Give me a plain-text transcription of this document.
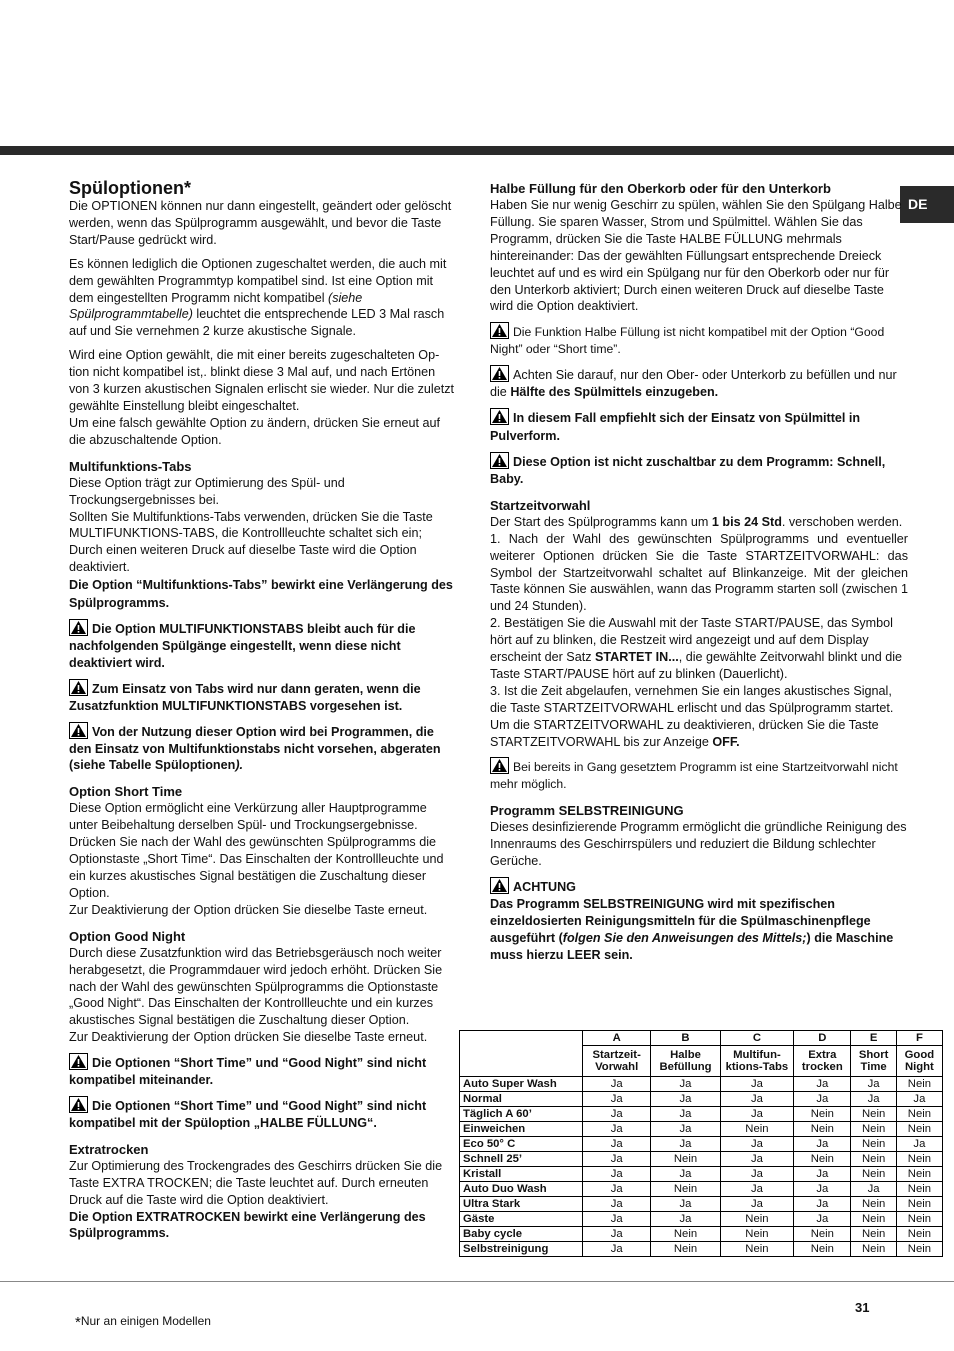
DE
Spüloptionen*

Die OPTIONEN können nur dann eingestellt, geändert oder gelöscht werden, wenn das Spülprogramm ausgewählt, und bevor die Taste Start/Pause gedrückt wird.

Es können lediglich die Optionen zugeschaltet werden, die auch mit dem gewählten Programmtyp kompatibel sind. Ist eine Option mit dem eingestellten Programm nicht kompatibel (siehe Spülprogrammtabelle) leuchtet die entsprechende LED 3 Mal rasch auf und Sie vernehmen 2 kurze akustische Signale.

Wird eine Option gewählt, die mit einer bereits zugeschalteten Op-tion nicht kompatibel ist,. blinkt diese 3 Mal auf, und nach Ertönen von 3 kurzen akustischen Signalen erlischt sie wieder. Nur die zuletzt gewählte Einstellung bleibt eingeschaltet.
Um eine falsch gewählte Option zu ändern, drücken Sie erneut auf die abzuschaltende Option.

Multifunktions-Tabs

Diese Option trägt zur Optimierung des Spül- und Trockungsergebnisses bei.
Sollten Sie Multifunktions-Tabs verwenden, drücken Sie die Taste MULTIFUNKTIONS-TABS, die Kontrollleuchte schaltet sich ein; Durch einen weiteren Druck auf dieselbe Taste wird die Option deaktiviert.

Die Option “Multifunktions-Tabs” bewirkt eine Verlängerung des Spülprogramms.

Die Option MULTIFUNKTIONSTABS bleibt auch für die nachfolgenden Spülgänge eingestellt, wenn diese nicht deaktiviert wird.

Zum Einsatz von Tabs wird nur dann geraten, wenn die Zusatzfunktion MULTIFUNKTIONSTABS vorgesehen ist.

Von der Nutzung dieser Option wird bei Programmen, die den Einsatz von Multifunktionstabs nicht vorsehen, abgeraten (siehe Tabelle Spüloptionen).

Option Short Time

Diese Option ermöglicht eine Verkürzung aller Hauptprogramme unter Beibehaltung derselben Spül- und Trockungsergebnisse. Drücken Sie nach der Wahl des gewünschten Spülprogramms die Optionstaste „Short Time“. Das Einschalten der Kontrollleuchte und ein kurzes akustisches Signal bestätigen die Zuschaltung dieser Option.
Zur Deaktivierung der Option drücken Sie dieselbe Taste erneut.

Option Good Night

Durch diese Zusatzfunktion wird das Betriebsgeräusch noch weiter herabgesetzt, die Programmdauer wird jedoch erhöht. Drücken Sie nach der Wahl des gewünschten Spülprogramms die Optionstaste „Good Night“. Das Einschalten der Kontrollleuchte und ein kurzes akustisches Signal bestätigen die Zuschaltung dieser Option.
Zur Deaktivierung der Option drücken Sie dieselbe Taste erneut.

Die Optionen “Short Time” und “Good Night” sind nicht kompatibel miteinander.

Die Optionen “Short Time” und “Good Night” sind nicht kompatibel mit der Spüloption „HALBE FÜLLUNG“.

Extratrocken

Zur Optimierung des Trockengrades des Geschirrs drücken Sie die Taste EXTRA TROCKEN; die Taste leuchtet auf. Durch erneuten Druck auf die Taste wird die Option deaktiviert.

Die Option EXTRATROCKEN bewirkt eine Verlängerung des Spülprogramms.

Halbe Füllung für den Oberkorb oder für den Unterkorb

Haben Sie nur wenig Geschirr zu spülen, wählen Sie den Spülgang Halbe Füllung. Sie sparen Wasser, Strom und Spülmittel. Wählen Sie das Programm, drücken Sie die Taste HALBE FÜLLUNG mehrmals hintereinander: Das der gewählten Füllungsart entsprechende Dreieck leuchtet auf und es wird ein Spülgang nur für den Oberkorb oder nur für den Unterkorb aktiviert; Durch einen weiteren Druck auf dieselbe Taste wird die Option deaktiviert.

Die Funktion Halbe Füllung ist nicht kompatibel mit der Option “Good Night” oder “Short time”.

Achten Sie darauf, nur den Ober- oder Unterkorb zu befüllen und nur die Hälfte des Spülmittels einzugeben.

In diesem Fall empfiehlt sich der Einsatz von Spülmittel in Pulverform.

Diese Option ist nicht zuschaltbar zu dem Programm: Schnell, Baby.

Startzeitvorwahl

Der Start des Spülprogramms kann um 1 bis 24 Std. verschoben werden.

1. Nach der Wahl des gewünschten Spülprogramms und eventueller weiterer Optionen drücken Sie die Taste STARTZEITVORWAHL: das Symbol der Startzeitvorwahl schaltet auf Blinkanzeige. Mit der gleichen Taste können Sie auswählen, wann das Programm starten soll (zwischen 1 und 24 Stunden).

2. Bestätigen Sie die Auswahl mit der Taste START/PAUSE, das Symbol hört auf zu blinken, die Restzeit wird angezeigt und auf dem Display erscheint der Satz STARTET IN..., die gewählte Zeitvorwahl blinkt und die Taste START/PAUSE hört auf zu blinken (Dauerlicht).

3. Ist die Zeit abgelaufen, vernehmen Sie ein langes akustisches Signal, die Taste STARTZEITVORWAHL erlischt und das Spülprogramm startet.

Um die STARTZEITVORWAHL zu deaktivieren, drücken Sie die Taste STARTZEITVORWAHL bis zur Anzeige OFF.

Bei bereits in Gang gesetztem Programm ist eine Startzeitvorwahl nicht mehr möglich.

Programm SELBSTREINIGUNG

Dieses desinfizierende Programm ermöglicht die gründliche Reinigung des Innenraums des Geschirrspülers und reduziert die Bildung schlechter Gerüche.

ACHTUNG

Das Programm SELBSTREINIGUNG wird mit spezifischen einzeldosierten Reinigungsmitteln für die Spülmaschinenpflege ausgeführt (folgen Sie den Anweisungen des Mittels;) die Maschine muss hierzu LEER sein.

	A	B	C	D	E	F
	Startzeit-Vorwahl	Halbe Befüllung	Multifun-ktions-Tabs	Extra trocken	Short Time	Good Night
Auto Super Wash	Ja	Ja	Ja	Ja	Ja	Nein
Normal	Ja	Ja	Ja	Ja	Ja	Ja
Täglich A 60’	Ja	Ja	Ja	Nein	Nein	Nein
Einweichen	Ja	Ja	Nein	Nein	Nein	Nein
Eco 50° C	Ja	Ja	Ja	Ja	Nein	Ja
Schnell 25’	Ja	Nein	Ja	Nein	Nein	Nein
Kristall	Ja	Ja	Ja	Ja	Nein	Nein
Auto Duo Wash	Ja	Nein	Ja	Ja	Ja	Nein
Ultra Stark	Ja	Ja	Ja	Ja	Nein	Nein
Gäste	Ja	Ja	Nein	Ja	Nein	Nein
Baby cycle	Ja	Nein	Nein	Nein	Nein	Nein
Selbstreinigung	Ja	Nein	Nein	Nein	Nein	Nein
31
*Nur an einigen Modellen
